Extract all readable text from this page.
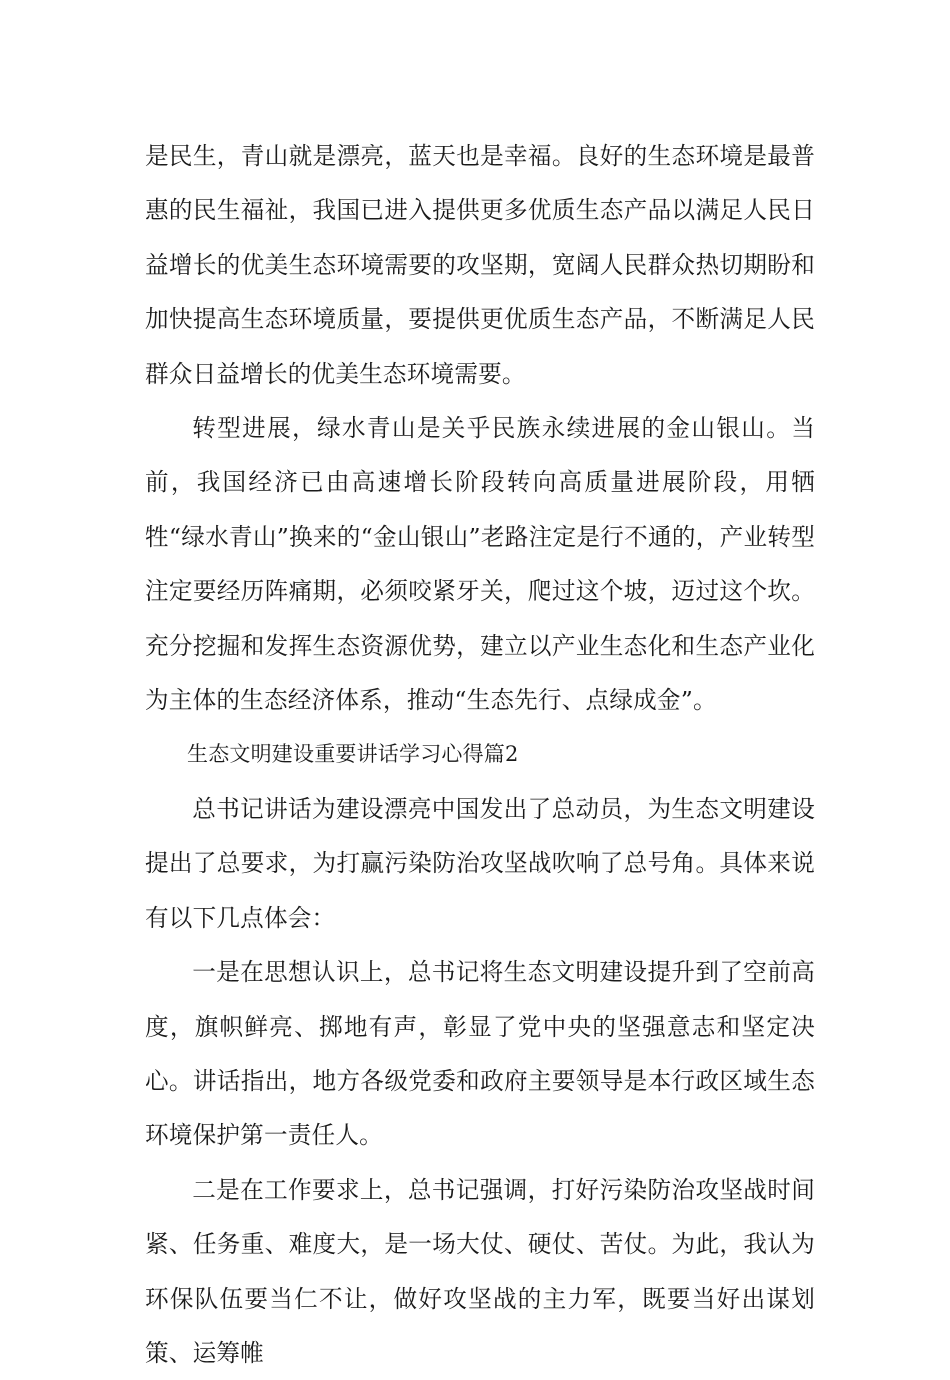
是民生，青山就是漂亮，蓝天也是幸福。良好的生态环境是最普惠的民生福祉，我国已进入提供更多优质生态产品以满足人民日益增长的优美生态环境需要的攻坚期，宽阔人民群众热切期盼和加快提高生态环境质量，要提供更优质生态产品，不断满足人民群众日益增长的优美生态环境需要。

转型进展，绿水青山是关乎民族永续进展的金山银山。当前，我国经济已由高速增长阶段转向高质量进展阶段，用牺牲“绿水青山”换来的“金山银山”老路注定是行不通的，产业转型注定要经历阵痛期，必须咬紧牙关，爬过这个坡，迈过这个坎。充分挖掘和发挥生态资源优势，建立以产业生态化和生态产业化为主体的生态经济体系，推动“生态先行、点绿成金”。

生态文明建设重要讲话学习心得篇2

总书记讲话为建设漂亮中国发出了总动员，为生态文明建设提出了总要求，为打赢污染防治攻坚战吹响了总号角。具体来说有以下几点体会：

一是在思想认识上，总书记将生态文明建设提升到了空前高度，旗帜鲜亮、掷地有声，彰显了党中央的坚强意志和坚定决心。讲话指出，地方各级党委和政府主要领导是本行政区域生态环境保护第一责任人。

二是在工作要求上，总书记强调，打好污染防治攻坚战时间紧、任务重、难度大，是一场大仗、硬仗、苦仗。为此，我认为环保队伍要当仁不让，做好攻坚战的主力军，既要当好出谋划策、运筹帷
